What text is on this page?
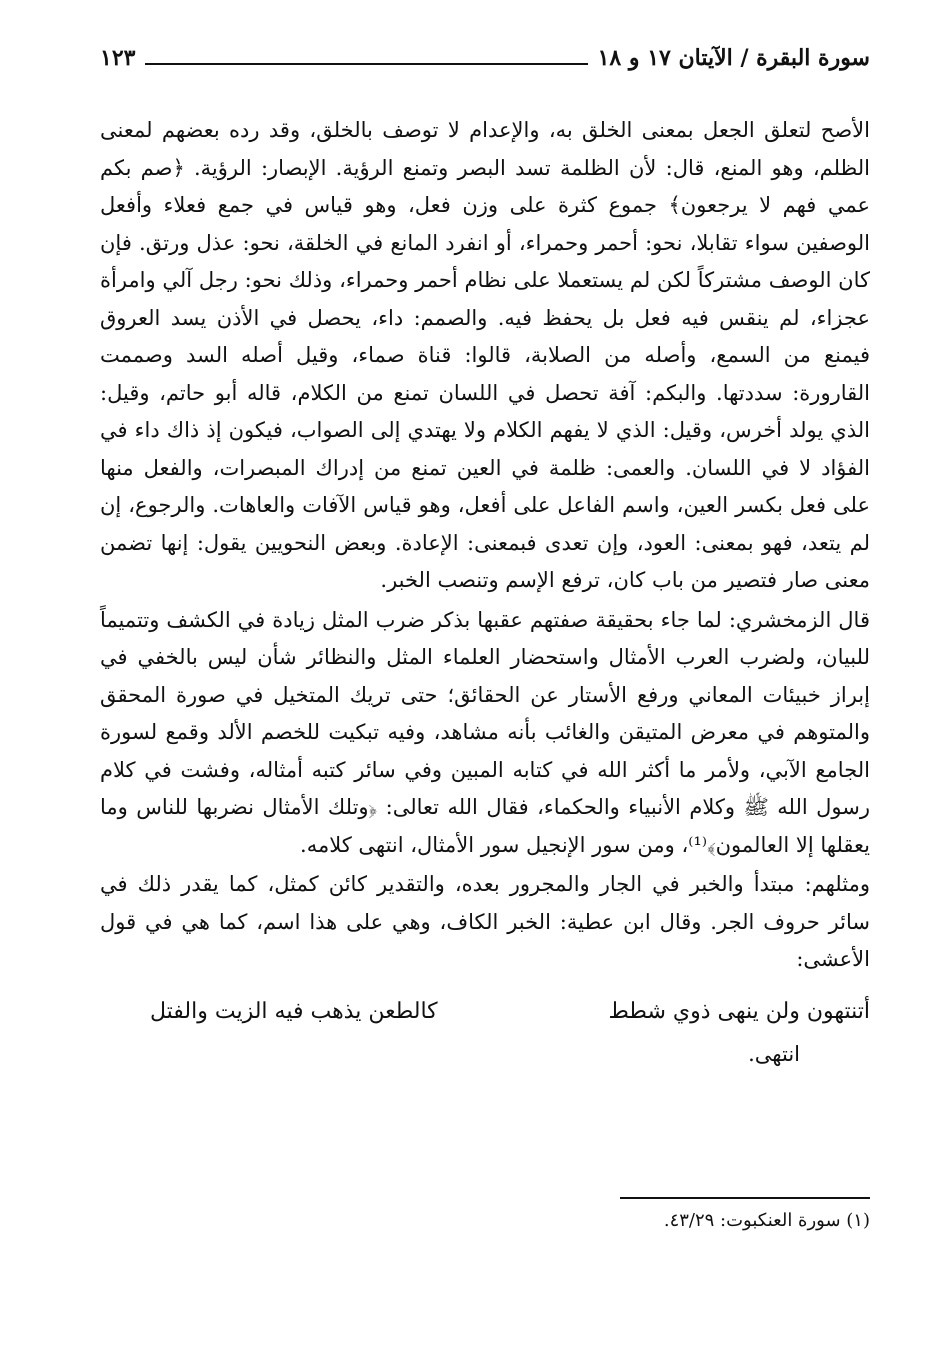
سورة البقرة / الآيتان ١٧ و ١٨
١٢٣

الأصح لتعلق الجعل بمعنى الخلق به، والإعدام لا توصف بالخلق، وقد رده بعضهم لمعنى الظلم، وهو المنع، قال: لأن الظلمة تسد البصر وتمنع الرؤية. الإبصار: الرؤية. ﴿صم بكم عمي فهم لا يرجعون﴾ جموع كثرة على وزن فعل، وهو قياس في جمع فعلاء وأفعل الوصفين سواء تقابلا، نحو: أحمر وحمراء، أو انفرد المانع في الخلقة، نحو: عذل ورتق. فإن كان الوصف مشتركاً لكن لم يستعملا على نظام أحمر وحمراء، وذلك نحو: رجل آلي وامرأة عجزاء، لم ينقس فيه فعل بل يحفظ فيه. والصمم: داء، يحصل في الأذن يسد العروق فيمنع من السمع، وأصله من الصلابة، قالوا: قناة صماء، وقيل أصله السد وصممت القارورة: سددتها. والبكم: آفة تحصل في اللسان تمنع من الكلام، قاله أبو حاتم، وقيل: الذي يولد أخرس، وقيل: الذي لا يفهم الكلام ولا يهتدي إلى الصواب، فيكون إذ ذاك داء في الفؤاد لا في اللسان. والعمى: ظلمة في العين تمنع من إدراك المبصرات، والفعل منها على فعل بكسر العين، واسم الفاعل على أفعل، وهو قياس الآفات والعاهات. والرجوع، إن لم يتعد، فهو بمعنى: العود، وإن تعدى فبمعنى: الإعادة. وبعض النحويين يقول: إنها تضمن معنى صار فتصير من باب كان، ترفع الإسم وتنصب الخبر.

قال الزمخشري: لما جاء بحقيقة صفتهم عقبها بذكر ضرب المثل زيادة في الكشف وتتميماً للبيان، ولضرب العرب الأمثال واستحضار العلماء المثل والنظائر شأن ليس بالخفي في إبراز خبيئات المعاني ورفع الأستار عن الحقائق؛ حتى تريك المتخيل في صورة المحقق والمتوهم في معرض المتيقن والغائب بأنه مشاهد، وفيه تبكيت للخصم الألد وقمع لسورة الجامع الآبي، ولأمر ما أكثر الله في كتابه المبين وفي سائر كتبه أمثاله، وفشت في كلام رسول الله ﷺ وكلام الأنبياء والحكماء، فقال الله تعالى: ﴿وتلك الأمثال نضربها للناس وما يعقلها إلا العالمون﴾⁽¹⁾، ومن سور الإنجيل سور الأمثال، انتهى كلامه.

ومثلهم: مبتدأ والخبر في الجار والمجرور بعده، والتقدير كائن كمثل، كما يقدر ذلك في سائر حروف الجر. وقال ابن عطية: الخبر الكاف، وهي على هذا اسم، كما هي في قول الأعشى:

أتنتهون ولن ينهى ذوي شطط
كالطعن يذهب فيه الزيت والفتل
انتهى.
(١) سورة العنكبوت: ٤٣/٢٩.
